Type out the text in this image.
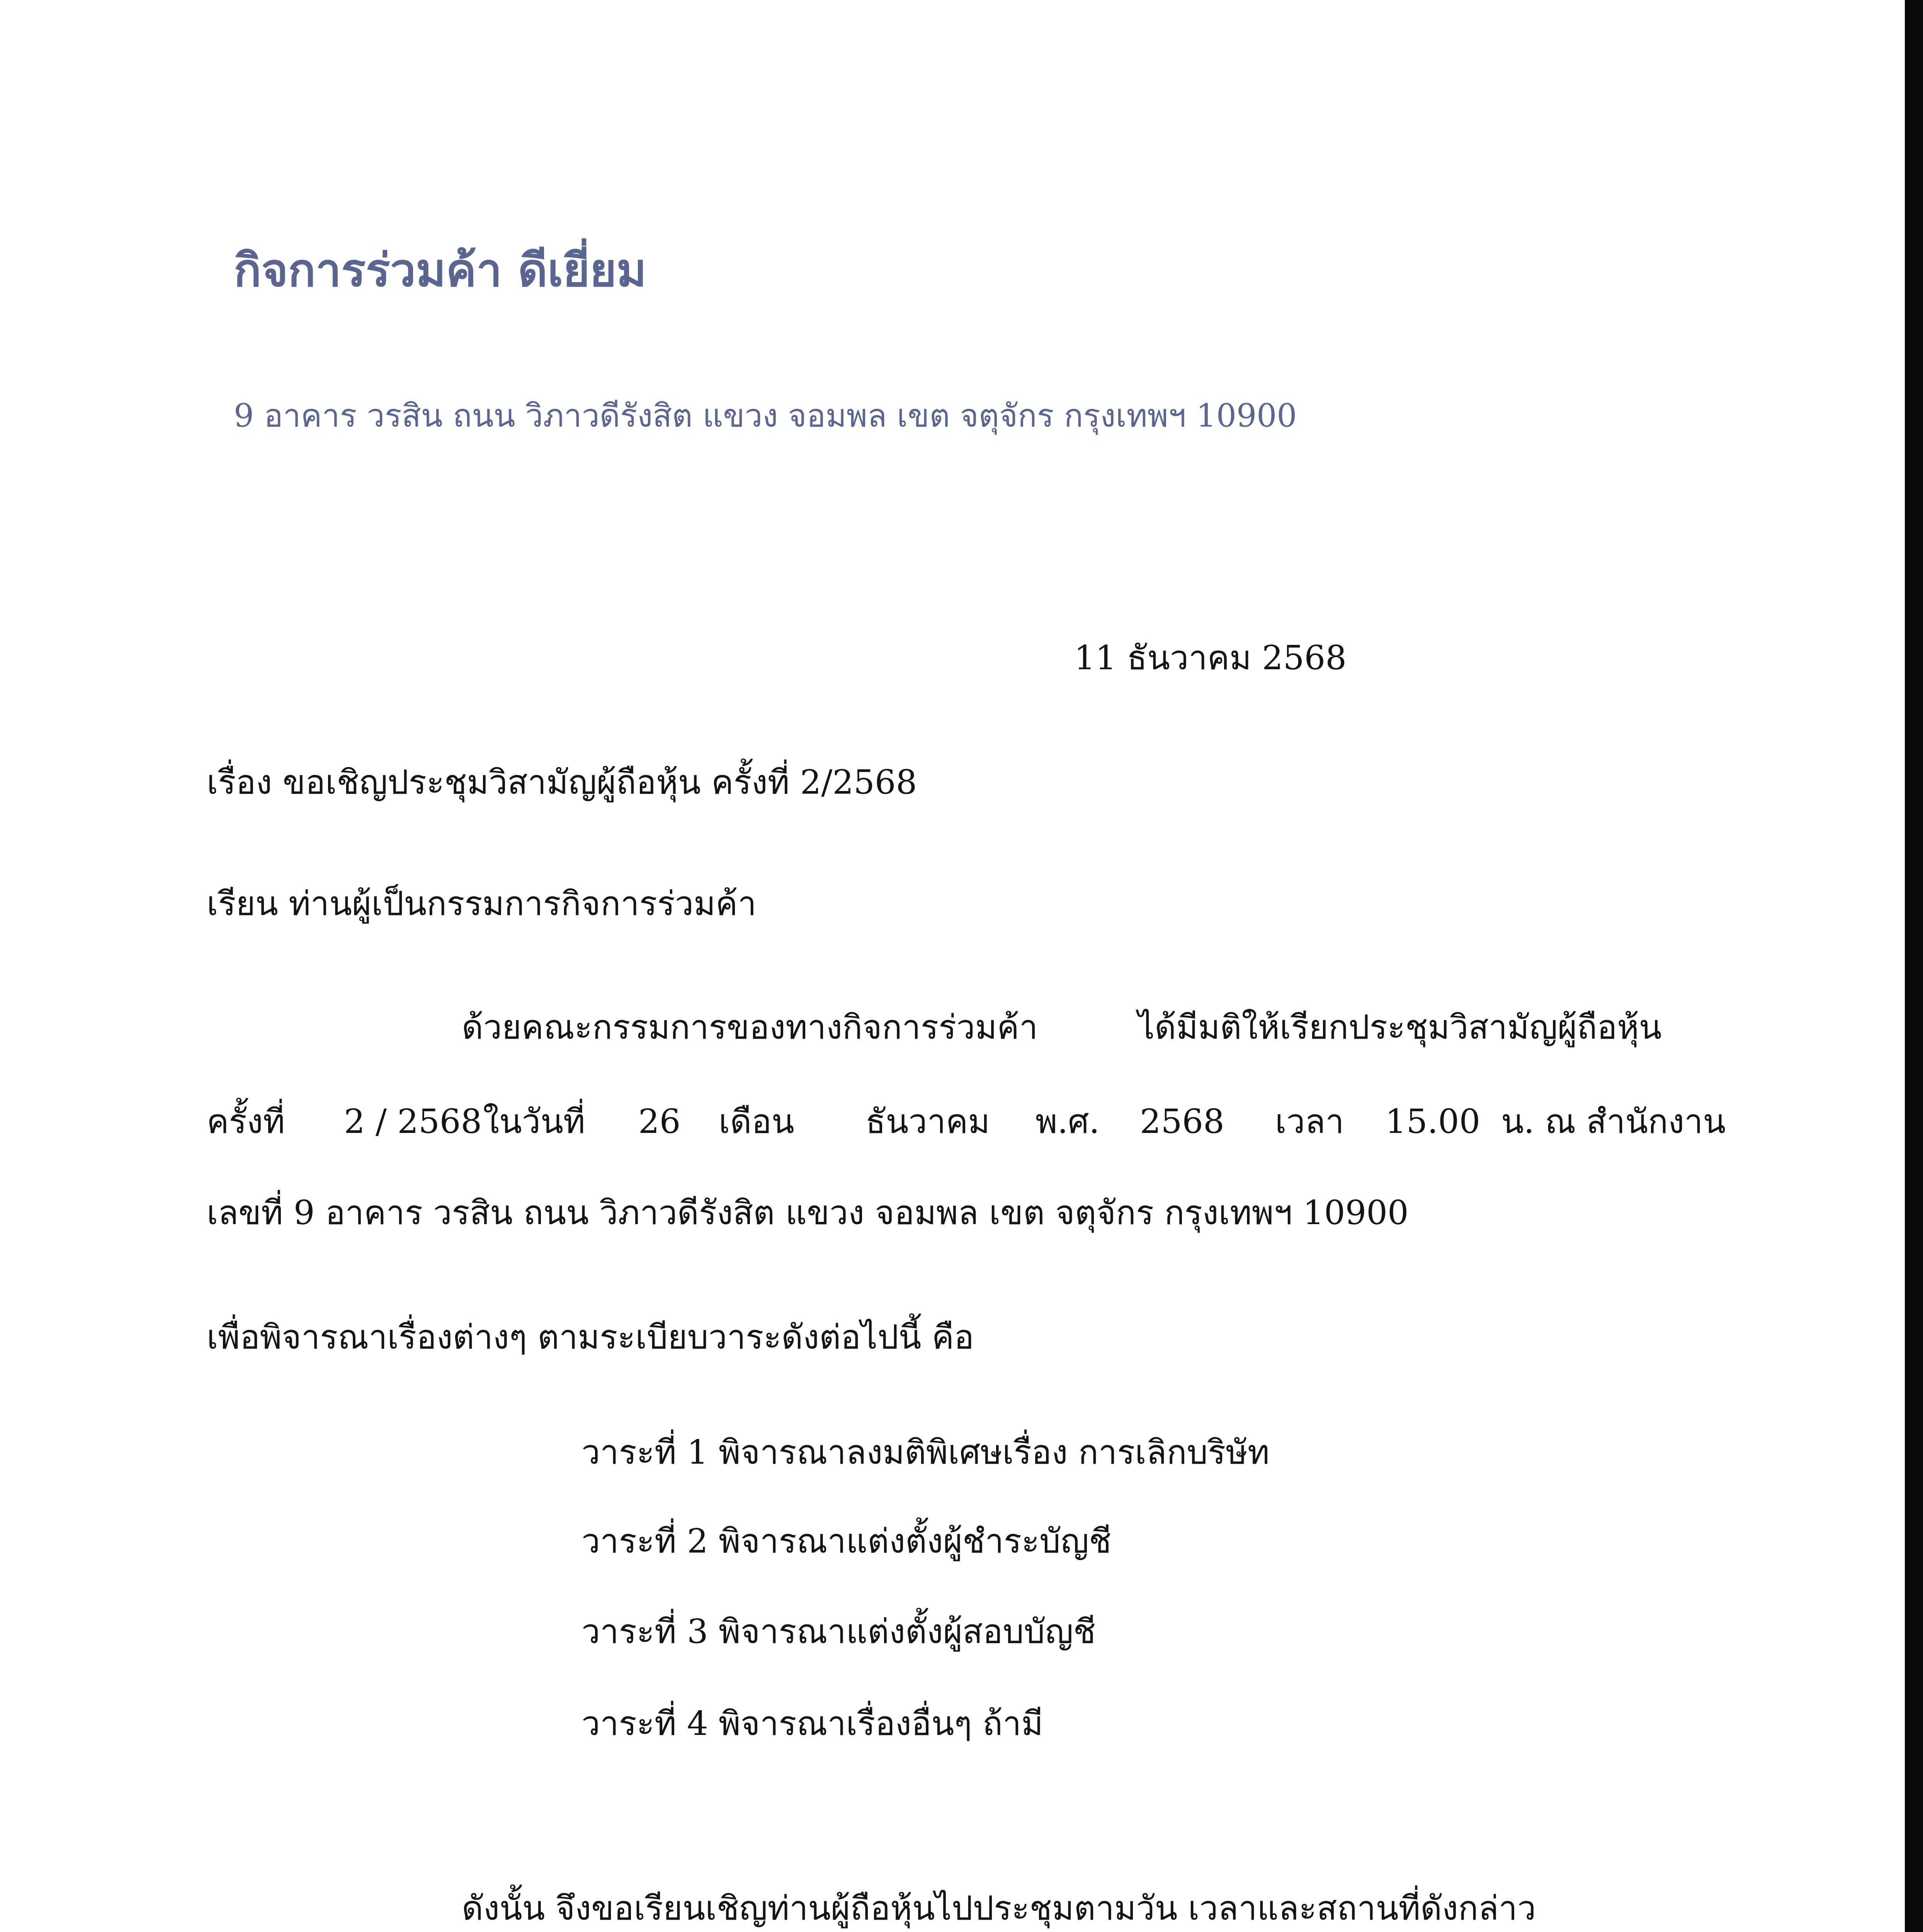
กิจการร่วมค้า ดีเยี่ยม
9 อาคาร วรสิน ถนน วิภาวดีรังสิต แขวง จอมพล เขต จตุจักร กรุงเทพฯ 10900
11 ธันวาคม 2568
เรื่อง ขอเชิญประชุมวิสามัญผู้ถือหุ้น ครั้งที่ 2/2568
เรียน ท่านผู้เป็นกรรมการกิจการร่วมค้า
ด้วยคณะกรรมการของทางกิจการร่วมค้า	ได้มีมติให้เรียกประชุมวิสามัญผู้ถือหุ้น
ครั้งที่ 2 / 2568 ในวันที่ 26 เดือน ธันวาคม พ.ศ. 2568 เวลา 15.00 น. ณ สำนักงาน
เลขที่ 9 อาคาร วรสิน ถนน วิภาวดีรังสิต แขวง จอมพล เขต จตุจักร กรุงเทพฯ 10900
เพื่อพิจารณาเรื่องต่างๆ ตามระเบียบวาระดังต่อไปนี้ คือ
วาระที่ 1 พิจารณาลงมติพิเศษเรื่อง การเลิกบริษัท
วาระที่ 2 พิจารณาแต่งตั้งผู้ชำระบัญชี
วาระที่ 3 พิจารณาแต่งตั้งผู้สอบบัญชี
วาระที่ 4 พิจารณาเรื่องอื่นๆ ถ้ามี
ดังนั้น จึงขอเรียนเชิญท่านผู้ถือหุ้นไปประชุมตามวัน เวลาและสถานที่ดังกล่าว
